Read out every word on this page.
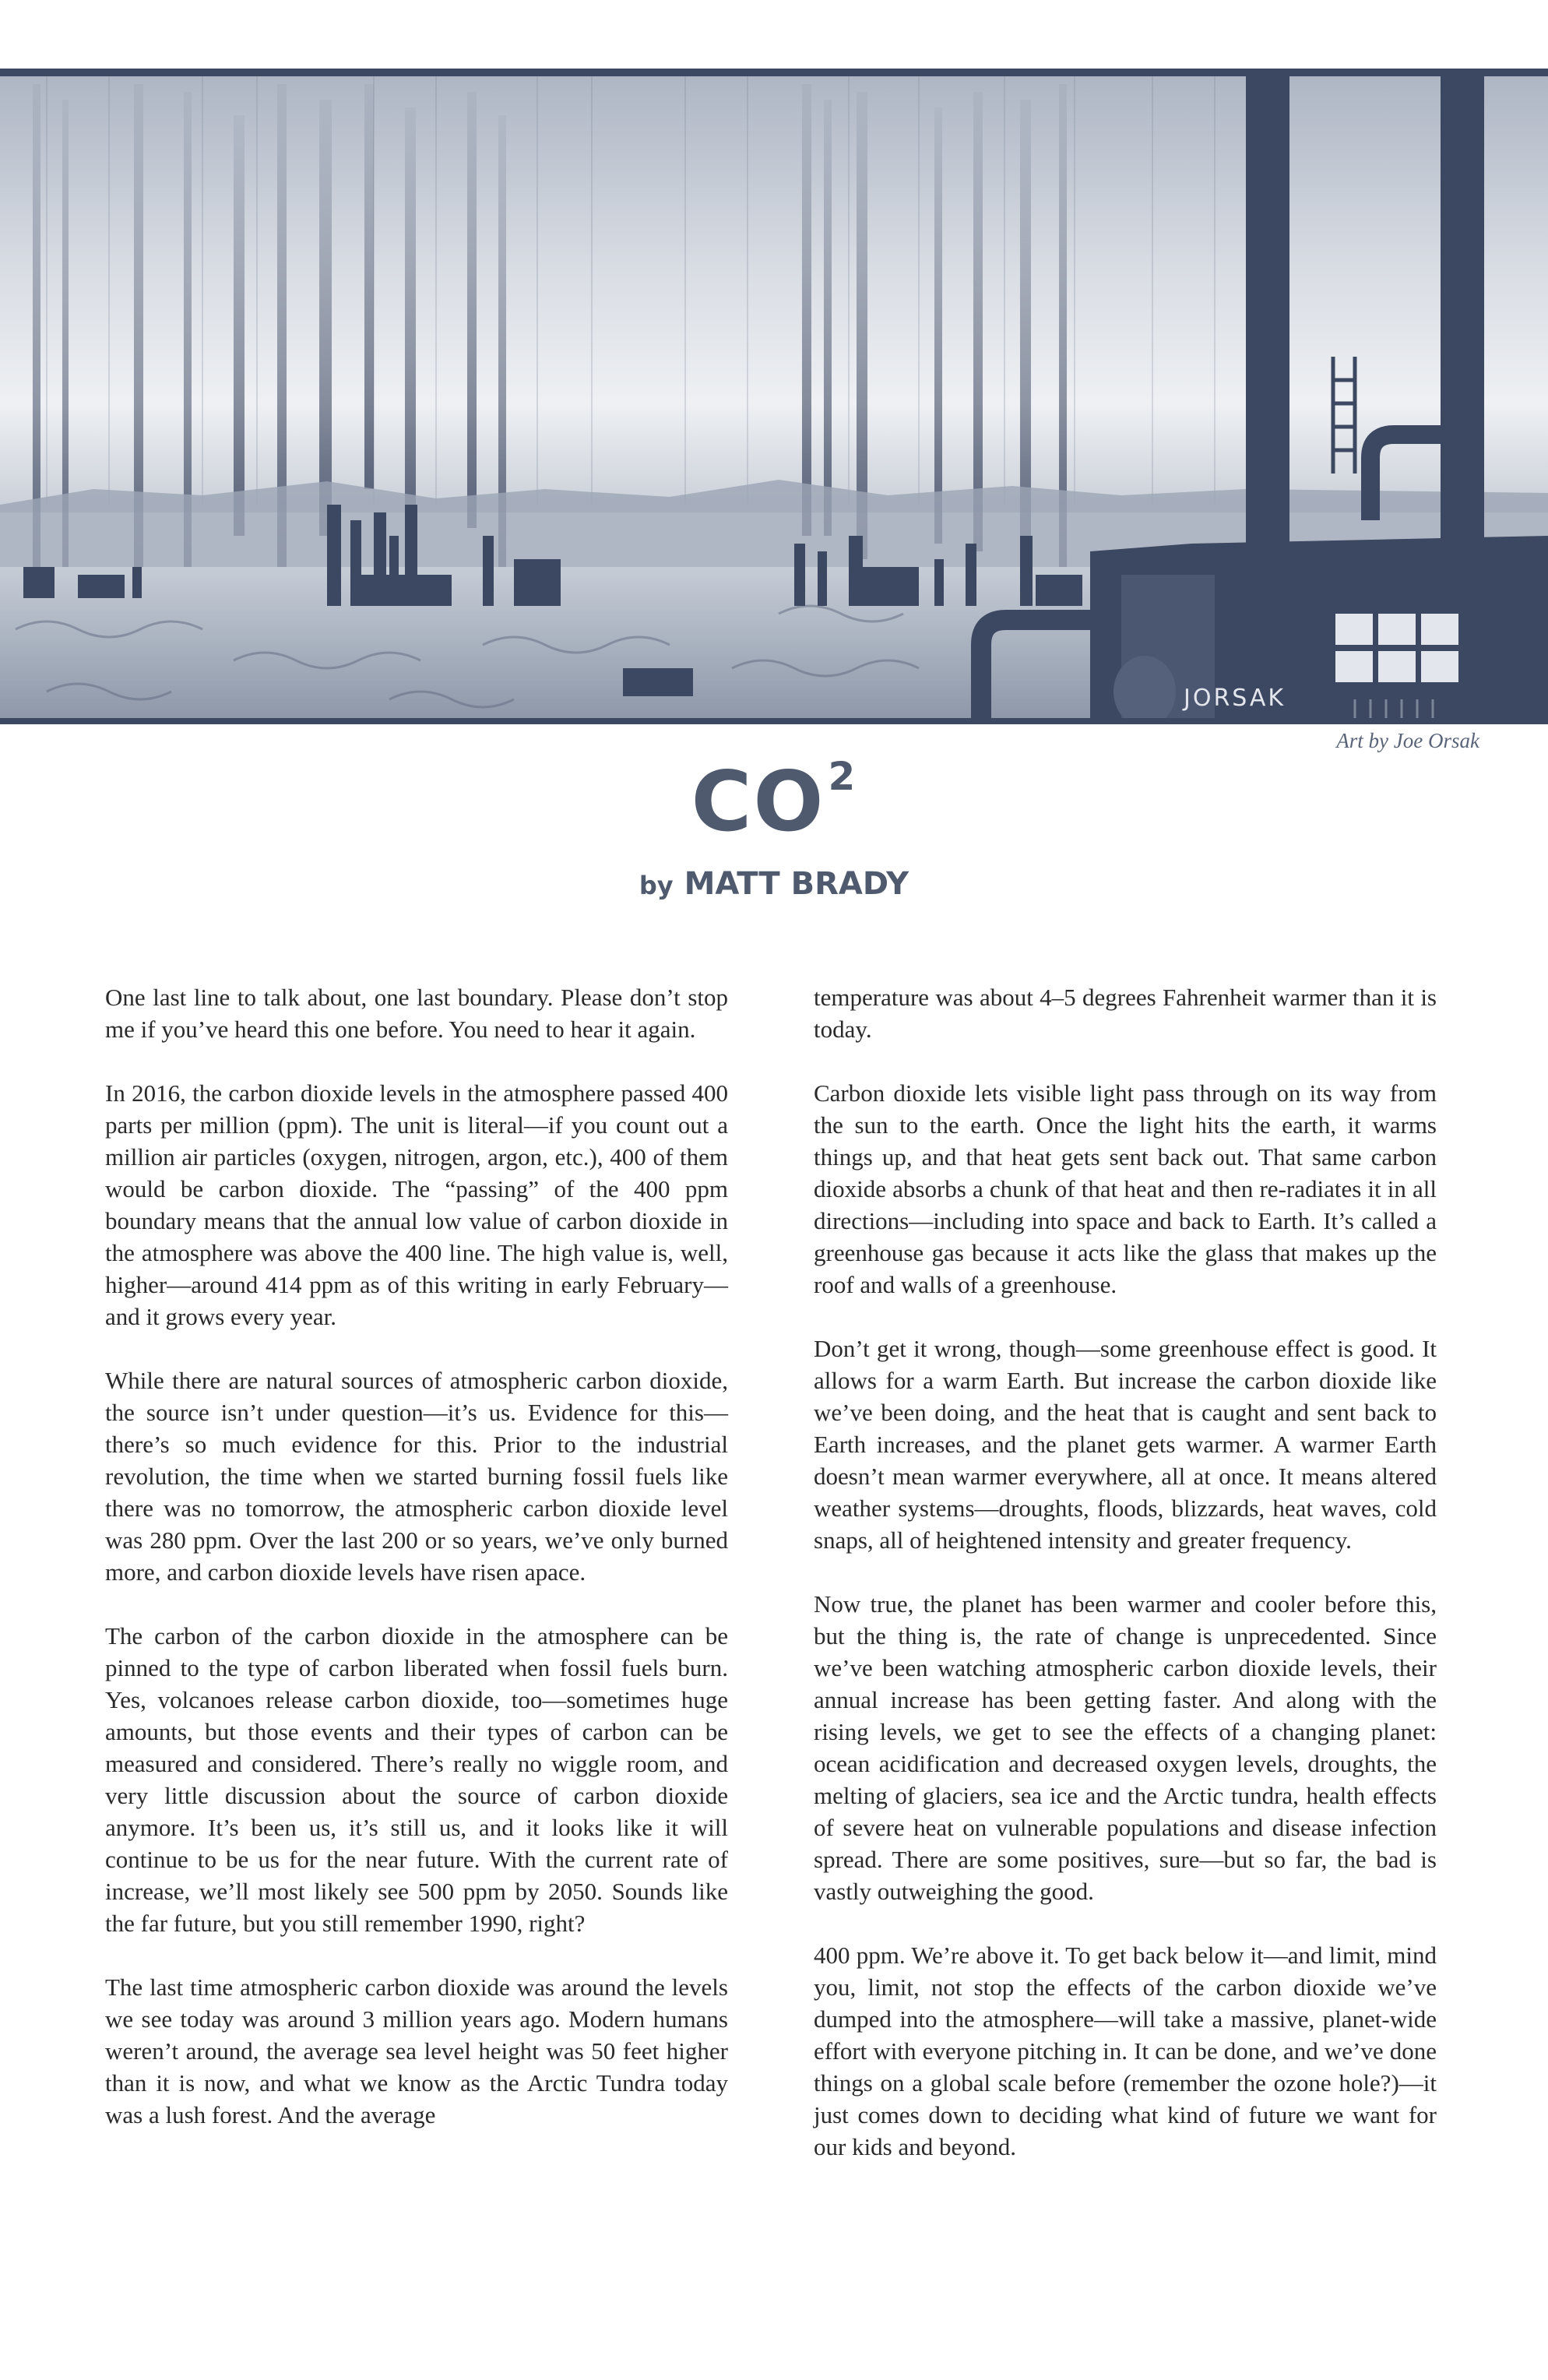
JORSAK
Art by Joe Orsak
$CO^2$
by MATT BRADY

One last line to talk about, one last boundary. Please don’t stop me if you’ve heard this one before. You need to hear it again.

In 2016, the carbon dioxide levels in the atmosphere passed 400 parts per million (ppm). The unit is literal—if you count out a million air particles (oxygen, nitrogen, argon, etc.), 400 of them would be carbon dioxide. The “passing” of the 400 ppm boundary means that the annual low value of carbon dioxide in the atmosphere was above the 400 line. The high value is, well, higher—around 414 ppm as of this writing in early February—and it grows every year.

While there are natural sources of atmospheric carbon dioxide, the source isn’t under question—it’s us. Evidence for this—there’s so much evidence for this. Prior to the industrial revolution, the time when we started burning fossil fuels like there was no tomorrow, the atmospheric carbon dioxide level was 280 ppm. Over the last 200 or so years, we’ve only burned more, and carbon dioxide levels have risen apace.

The carbon of the carbon dioxide in the atmosphere can be pinned to the type of carbon liberated when fossil fuels burn. Yes, volcanoes release carbon dioxide, too—sometimes huge amounts, but those events and their types of carbon can be measured and considered. There’s really no wiggle room, and very little discussion about the source of carbon dioxide anymore. It’s been us, it’s still us, and it looks like it will continue to be us for the near future. With the current rate of increase, we’ll most likely see 500 ppm by 2050. Sounds like the far future, but you still remember 1990, right?

The last time atmospheric carbon dioxide was around the levels we see today was around 3 million years ago. Modern humans weren’t around, the average sea level height was 50 feet higher than it is now, and what we know as the Arctic Tundra today was a lush forest. And the average

temperature was about 4–5 degrees Fahrenheit warmer than it is today.

Carbon dioxide lets visible light pass through on its way from the sun to the earth. Once the light hits the earth, it warms things up, and that heat gets sent back out. That same carbon dioxide absorbs a chunk of that heat and then re-radiates it in all directions—including into space and back to Earth. It’s called a greenhouse gas because it acts like the glass that makes up the roof and walls of a greenhouse.

Don’t get it wrong, though—some greenhouse effect is good. It allows for a warm Earth. But increase the carbon dioxide like we’ve been doing, and the heat that is caught and sent back to Earth increases, and the planet gets warmer. A warmer Earth doesn’t mean warmer everywhere, all at once. It means altered weather systems—droughts, floods, blizzards, heat waves, cold snaps, all of heightened intensity and greater frequency.

Now true, the planet has been warmer and cooler before this, but the thing is, the rate of change is unprecedented. Since we’ve been watching atmospheric carbon dioxide levels, their annual increase has been getting faster. And along with the rising levels, we get to see the effects of a changing planet: ocean acidification and decreased oxygen levels, droughts, the melting of glaciers, sea ice and the Arctic tundra, health effects of severe heat on vulnerable populations and disease infection spread. There are some positives, sure—but so far, the bad is vastly outweighing the good.

400 ppm. We’re above it. To get back below it—and limit, mind you, limit, not stop the effects of the carbon dioxide we’ve dumped into the atmosphere—will take a massive, planet-wide effort with everyone pitching in. It can be done, and we’ve done things on a global scale before (remember the ozone hole?)—it just comes down to deciding what kind of future we want for our kids and beyond.
